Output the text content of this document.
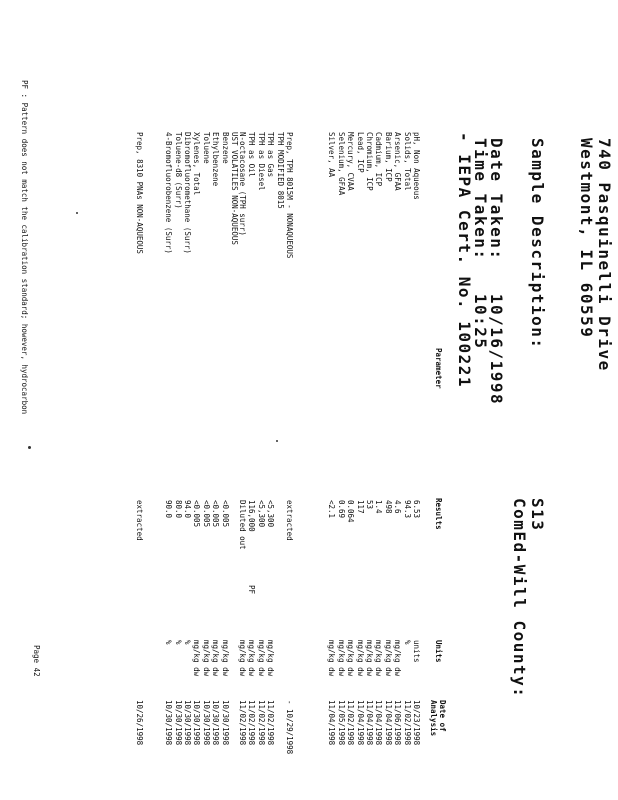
740 Pasquinelli Drive
Westmont, IL 60559
Sample Description:
S13
ComEd-Will County:
Date Taken:   10/16/1998
Time Taken:   10:25
- IEPA Cert. No. 100221
Parameter
Results
Units
Date of
Analysis
pH, Non Aqueous
6.53
units
10/23/1998
Solids, Total
94.3
%
11/02/1998
Arsenic, GFAA
4.6
mg/kg dw
11/06/1998
Barium, ICP
498
mg/kg dw
11/04/1998
Cadmium, ICP
1.4
mg/kg dw
11/04/1998
Chromium, ICP
53
mg/kg dw
11/04/1998
Lead, ICP
117
mg/kg dw
11/04/1998
Mercury, CVAA
0.064
mg/kg dw
11/02/1998
Selenium, GFAA
0.69
mg/kg dw
11/05/1998
Silver, AA
<2.1
mg/kg dw
11/04/1998
Prep, TPH 8015M - NONAQUEOUS
extracted
- 10/29/1998
TPH MODIFIED 8015
TPH as Gas
<5,300
mg/kg dw
11/02/1998
TPH as Diesel
<5,300
mg/kg dw
11/02/1998
TPH as Oil
116,000
PF
mg/kg dw
11/02/1998
N-octacosane (TPH surr)
Diluted out
mg/kg dw
11/02/1998
UST VOLATILES NON-AQUEOUS
Benzene
<0.005
mg/kg dw
10/30/1998
Ethylbenzene
<0.005
mg/kg dw
10/30/1998
Toluene
<0.005
mg/kg dw
10/30/1998
Xylenes, Total
<0.005
mg/kg dw
10/30/1998
Dibromofluoromethane (Surr)
94.0
%
10/30/1998
Toluene-d8 (Surr)
80.0
%
10/30/1998
4-Bromofluorobenzene (Surr)
90.0
%
10/30/1998
Prep, 8310 PNAs NON-AQUEOUS
extracted
10/26/1998
PF : Pattern does not match the calibration standard; however, hydrocarbon
Page 42
